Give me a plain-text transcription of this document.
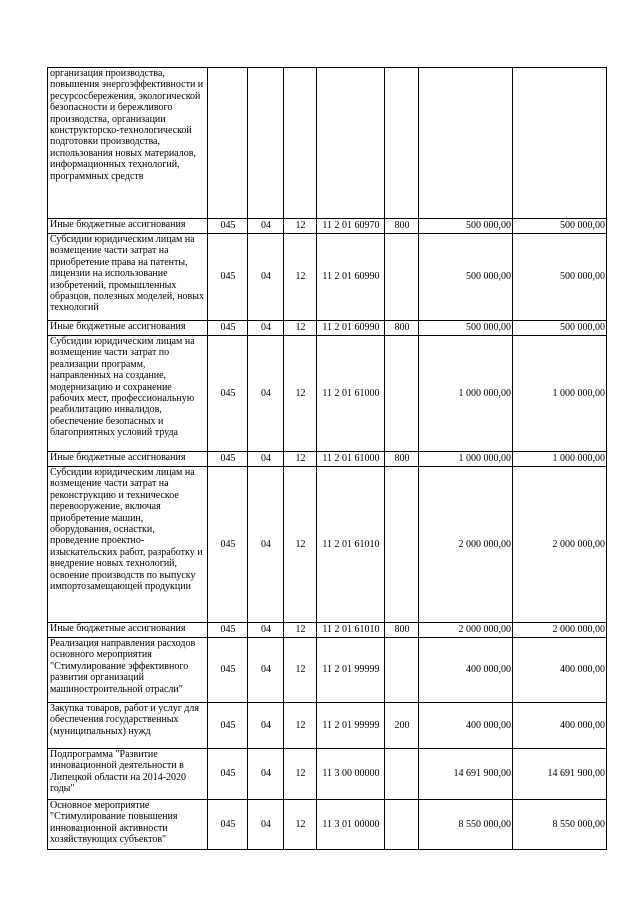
организация производства, повышения энергоэффективности и ресурсосбережения, экологической безопасности и бережливого производства, организации конструкторско-технологической подготовки производства, использования новых материалов, информационных технологий, программных средств							
Иные бюджетные ассигнования	045	04	12	11 2 01 60970	800	500 000,00	500 000,00
Субсидии юридическим лицам на возмещение части затрат на приобретение права на патенты, лицензии на использование изобретений, промышленных образцов, полезных моделей, новых технологий	045	04	12	11 2 01 60990		500 000,00	500 000,00
Иные бюджетные ассигнования	045	04	12	11 2 01 60990	800	500 000,00	500 000,00
Субсидии юридическим лицам на возмещение части затрат по реализации программ, направленных на создание, модернизацию и сохранение рабочих мест, профессиональную реабилитацию инвалидов, обеспечение безопасных и благоприятных условий труда	045	04	12	11 2 01 61000		1 000 000,00	1 000 000,00
Иные бюджетные ассигнования	045	04	12	11 2 01 61000	800	1 000 000,00	1 000 000,00
Субсидии юридическим лицам на возмещение части затрат на реконструкцию и техническое перевооружение, включая приобретение машин, оборудования, оснастки, проведение проектно-изыскательских работ, разработку и внедрение новых технологий, освоение производств по выпуску импортозамещающей продукции	045	04	12	11 2 01 61010		2 000 000,00	2 000 000,00
Иные бюджетные ассигнования	045	04	12	11 2 01 61010	800	2 000 000,00	2 000 000,00
Реализация направления расходов основного мероприятия "Стимулирование эффективного развития организаций машиностроительной отрасли"	045	04	12	11 2 01 99999		400 000,00	400 000,00
Закупка товаров, работ и услуг для обеспечения государственных (муниципальных) нужд	045	04	12	11 2 01 99999	200	400 000,00	400 000,00
Подпрограмма "Развитие инновационной деятельности в Липецкой области на 2014-2020 годы"	045	04	12	11 3 00 00000		14 691 900,00	14 691 900,00
Основное мероприятие "Стимулирование повышения инновационной активности хозяйствующих субъектов"	045	04	12	11 3 01 00000		8 550 000,00	8 550 000,00
